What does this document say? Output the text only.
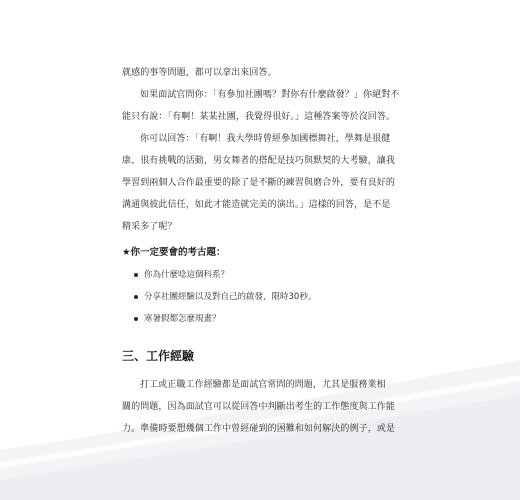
就感的事等問題，都可以拿出來回答。

如果面試官問你：「有參加社團嗎？對你有什麼啟發？」你絕對不
能只有說：「有啊！某某社團，我覺得很好。」這種答案等於沒回答。

你可以回答：「有啊！我大學時曾經參加國標舞社，學舞是很健
康、很有挑戰的活動，男女舞者的搭配是技巧與默契的大考驗，讓我
學習到兩個人合作最重要的除了是不斷的練習與磨合外，要有良好的
溝通與彼此信任，如此才能造就完美的演出。」這樣的回答，是不是
精采多了呢？

★你一定要會的考古題：
你為什麼唸這個科系？
分享社團經驗以及對自己的啟發，限時30秒。
寒暑假都怎麼規畫？
三、工作經驗

打工或正職工作經驗都是面試官常問的問題，尤其是服務業相
關的問題，因為面試官可以從回答中判斷出考生的工作態度與工作能
力。準備時要想幾個工作中曾經碰到的困難和如何解決的例子，或是
